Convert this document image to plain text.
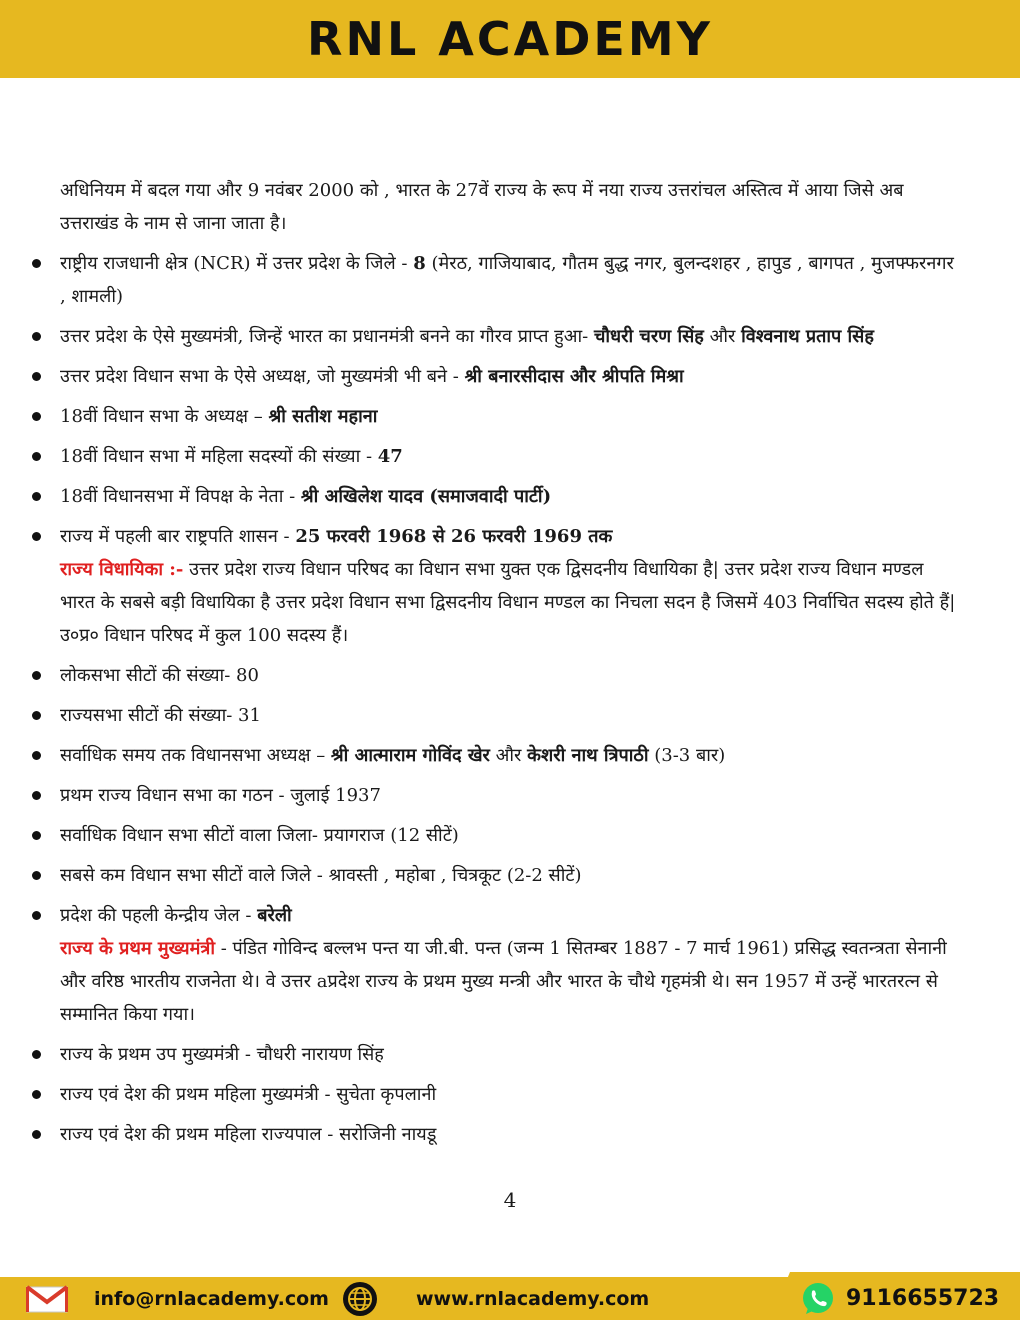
RNL ACADEMY
अधिनियम में बदल गया और 9 नवंबर 2000 को , भारत के 27वें राज्य के रूप में नया राज्य उत्तरांचल अस्तित्व में आया जिसे अब उत्तराखंड के नाम से जाना जाता है।
राष्ट्रीय राजधानी क्षेत्र (NCR) में उत्तर प्रदेश के जिले - 8 (मेरठ, गाजियाबाद, गौतम बुद्ध नगर, बुलन्दशहर , हापुड , बागपत , मुजफ्फरनगर , शामली)
उत्तर प्रदेश के ऐसे मुख्यमंत्री, जिन्हें भारत का प्रधानमंत्री बनने का गौरव प्राप्त हुआ- चौधरी चरण सिंह और विश्वनाथ प्रताप सिंह
उत्तर प्रदेश विधान सभा के ऐसे अध्यक्ष, जो मुख्यमंत्री भी बने - श्री बनारसीदास और श्रीपति मिश्रा
18वीं विधान सभा के अध्यक्ष – श्री सतीश महाना
18वीं विधान सभा में महिला सदस्यों की संख्या - 47
18वीं विधानसभा में विपक्ष के नेता - श्री अखिलेश यादव (समाजवादी पार्टी)
राज्य में पहली बार राष्ट्रपति शासन - 25 फरवरी 1968 से 26 फरवरी 1969 तक
राज्य विधायिका :- उत्तर प्रदेश राज्य विधान परिषद का विधान सभा युक्त एक द्विसदनीय विधायिका है| उत्तर प्रदेश राज्य विधान मण्डल भारत के सबसे बड़ी विधायिका है उत्तर प्रदेश विधान सभा द्विसदनीय विधान मण्डल का निचला सदन है जिसमें 403 निर्वाचित सदस्य होते हैं| उ०प्र० विधान परिषद में कुल 100 सदस्य हैं।
लोकसभा सीटों की संख्या- 80
राज्यसभा सीटों की संख्या- 31
सर्वाधिक समय तक विधानसभा अध्यक्ष – श्री आत्माराम गोविंद खेर और केशरी नाथ त्रिपाठी (3-3 बार)
प्रथम राज्य विधान सभा का गठन - जुलाई 1937
सर्वाधिक विधान सभा सीटों वाला जिला- प्रयागराज (12 सीटें)
सबसे कम विधान सभा सीटों वाले जिले - श्रावस्ती , महोबा , चित्रकूट (2-2 सीटें)
प्रदेश की पहली केन्द्रीय जेल - बरेली
राज्य के प्रथम मुख्यमंत्री - पंडित गोविन्द बल्लभ पन्त या जी.बी. पन्त (जन्म 1 सितम्बर 1887 - 7 मार्च 1961) प्रसिद्ध स्वतन्त्रता सेनानी और वरिष्ठ भारतीय राजनेता थे। वे उत्तर aप्रदेश राज्य के प्रथम मुख्य मन्त्री और भारत के चौथे गृहमंत्री थे। सन 1957 में उन्हें भारतरत्न से सम्मानित किया गया।
राज्य के प्रथम उप मुख्यमंत्री - चौधरी नारायण सिंह
राज्य एवं देश की प्रथम महिला मुख्यमंत्री - सुचेता कृपलानी
राज्य एवं देश की प्रथम महिला राज्यपाल - सरोजिनी नायडू
4
info@rnlacademy.com	www.rnlacademy.com	9116655723
